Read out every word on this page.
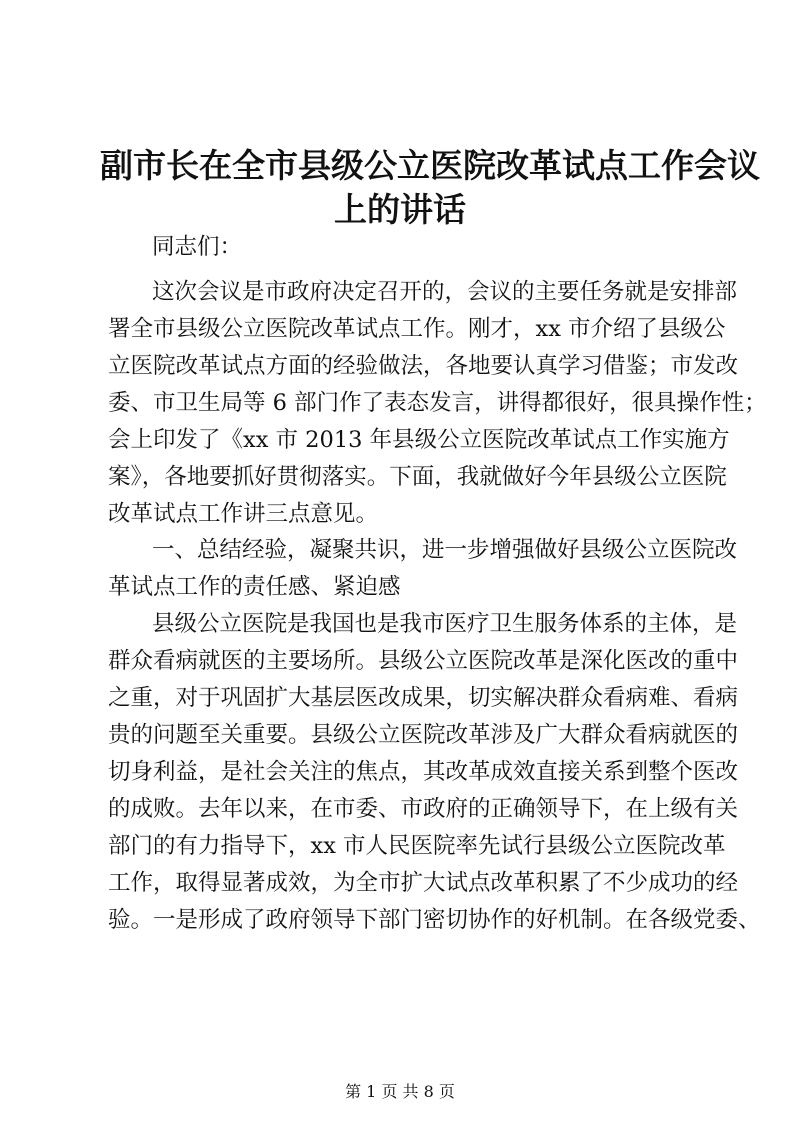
副市长在全市县级公立医院改革试点工作会议
上的讲话
同志们：
这次会议是市政府决定召开的，会议的主要任务就是安排部
署全市县级公立医院改革试点工作。刚才，xx 市介绍了县级公
立医院改革试点方面的经验做法，各地要认真学习借鉴；市发改
委、市卫生局等 6 部门作了表态发言，讲得都很好，很具操作性；
会上印发了《xx 市 2013 年县级公立医院改革试点工作实施方
案》，各地要抓好贯彻落实。下面，我就做好今年县级公立医院
改革试点工作讲三点意见。
一、总结经验，凝聚共识，进一步增强做好县级公立医院改
革试点工作的责任感、紧迫感
县级公立医院是我国也是我市医疗卫生服务体系的主体，是
群众看病就医的主要场所。县级公立医院改革是深化医改的重中
之重，对于巩固扩大基层医改成果，切实解决群众看病难、看病
贵的问题至关重要。县级公立医院改革涉及广大群众看病就医的
切身利益，是社会关注的焦点，其改革成效直接关系到整个医改
的成败。去年以来，在市委、市政府的正确领导下，在上级有关
部门的有力指导下，xx 市人民医院率先试行县级公立医院改革
工作，取得显著成效，为全市扩大试点改革积累了不少成功的经
验。一是形成了政府领导下部门密切协作的好机制。在各级党委、
第 1 页 共 8 页
